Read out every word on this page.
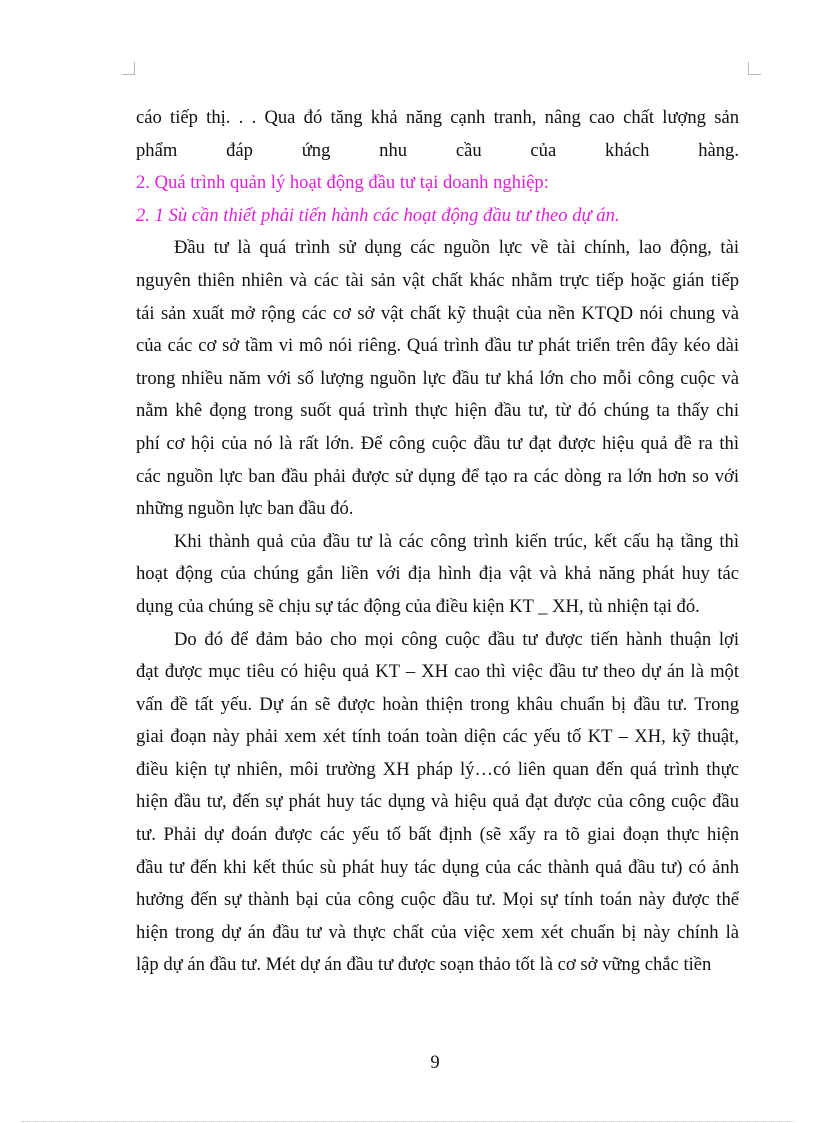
cáo tiếp thị. . . Qua đó tăng khả năng cạnh tranh, nâng cao chất lượng sản
phẩm đáp ứng nhu cầu của khách hàng.
2. Quá trình quản lý hoạt động đầu tư tại doanh nghiệp:
2. 1 Sù cần thiết phải tiến hành các hoạt động đầu tư theo dự án.
Đầu tư là quá trình sử dụng các nguồn lực về tài chính, lao động, tài
nguyên thiên nhiên và các tài sản vật chất khác nhằm trực tiếp hoặc gián tiếp
tái sản xuất mở rộng các cơ sở vật chất kỹ thuật của nền KTQD nói chung và
của các cơ sở tầm vi mô nói riêng. Quá trình đầu tư phát triển trên đây kéo dài
trong nhiều năm với số lượng nguồn lực đầu tư khá lớn cho mỗi công cuộc và
nằm khê đọng trong suốt quá trình thực hiện đầu tư, từ đó chúng ta thấy chi
phí cơ hội của nó là rất lớn. Để công cuộc đầu tư đạt được hiệu quả đề ra thì
các nguồn lực ban đầu phải được sử dụng để tạo ra các dòng ra lớn hơn so với
những nguồn lực ban đầu đó.
Khi thành quả của đầu tư là các công trình kiến trúc, kết cấu hạ tầng thì
hoạt động của chúng gắn liền với địa hình địa vật và khả năng phát huy tác
dụng của chúng sẽ chịu sự tác động của điều kiện KT _ XH, tù nhiện tại đó.
Do đó để đảm bảo cho mọi công cuộc đầu tư được tiến hành thuận lợi
đạt được mục tiêu có hiệu quả KT – XH cao thì việc đầu tư theo dự án là một
vấn đề tất yếu. Dự án sẽ được hoàn thiện trong khâu chuẩn bị đầu tư. Trong
giai đoạn này phải xem xét tính toán toàn diện các yếu tố KT – XH, kỹ thuật,
điều kiện tự nhiên, môi trường XH pháp lý…có liên quan đến quá trình thực
hiện đầu tư, đến sự phát huy tác dụng và hiệu quả đạt được của công cuộc đầu
tư. Phải dự đoán được các yếu tố bất định (sẽ xẩy ra tõ giai đoạn thực hiện
đầu tư đến khi kết thúc sù phát huy tác dụng của các thành quả đầu tư) có ảnh
hưởng đến sự thành bại của công cuộc đầu tư. Mọi sự tính toán này được thể
hiện trong dự án đầu tư và thực chất của việc xem xét chuẩn bị này chính là
lập dự án đầu tư. Mét dự án đầu tư được soạn thảo tốt là cơ sở vững chắc tiền
9
